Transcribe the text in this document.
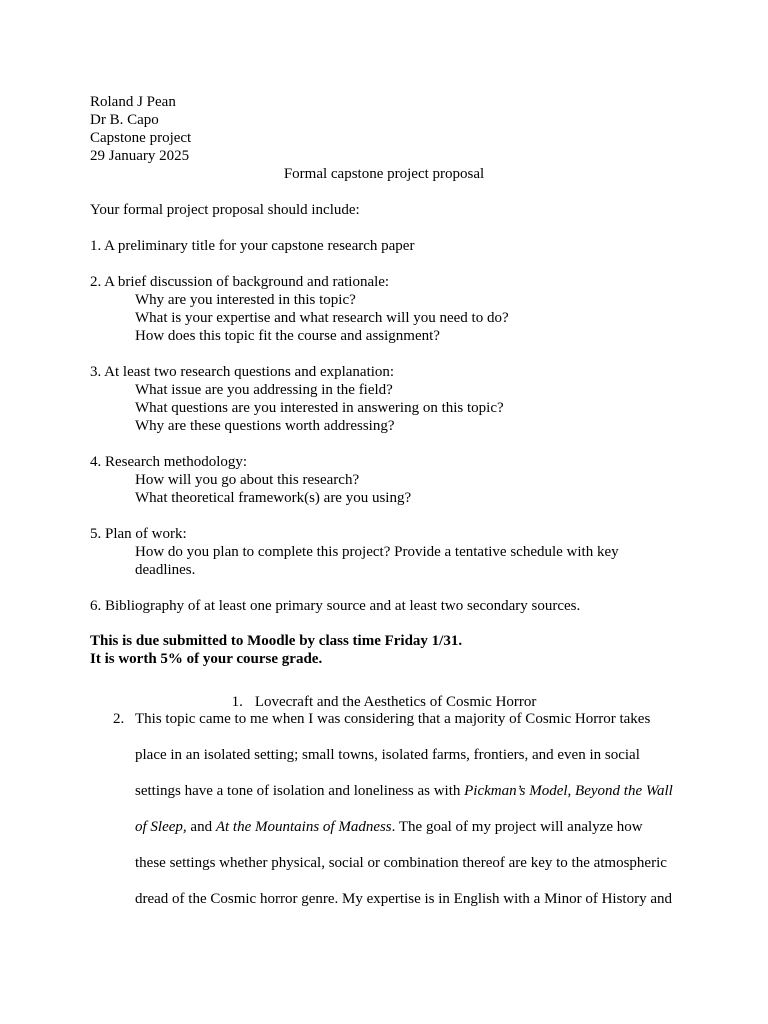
Roland J Pean
Dr B. Capo
Capstone project
29 January 2025
Formal capstone project proposal
Your formal project proposal should include:
1. A preliminary title for your capstone research paper
2. A brief discussion of background and rationale:
Why are you interested in this topic?
What is your expertise and what research will you need to do?
How does this topic fit the course and assignment?
3. At least two research questions and explanation:
What issue are you addressing in the field?
What questions are you interested in answering on this topic?
Why are these questions worth addressing?
4. Research methodology:
How will you go about this research?
What theoretical framework(s) are you using?
5. Plan of work:
How do you plan to complete this project? Provide a tentative schedule with key deadlines.
6. Bibliography of at least one primary source and at least two secondary sources.
This is due submitted to Moodle by class time Friday 1/31.
It is worth 5% of your course grade.
1. Lovecraft and the Aesthetics of Cosmic Horror
2. This topic came to me when I was considering that a majority of Cosmic Horror takes
place in an isolated setting; small towns, isolated farms, frontiers, and even in social
settings have a tone of isolation and loneliness as with Pickman’s Model, Beyond the Wall
of Sleep, and At the Mountains of Madness. The goal of my project will analyze how
these settings whether physical, social or combination thereof are key to the atmospheric
dread of the Cosmic horror genre. My expertise is in English with a Minor of History and
